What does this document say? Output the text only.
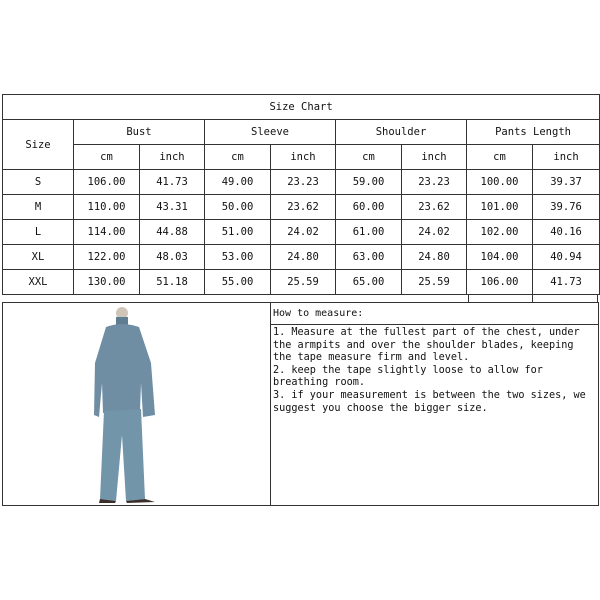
Size Chart								
Size	Bust		Sleeve		Shoulder		Pants Length	
	cm	inch	cm	inch	cm	inch	cm	inch
S	106.00	41.73	49.00	23.23	59.00	23.23	100.00	39.37
M	110.00	43.31	50.00	23.62	60.00	23.62	101.00	39.76
L	114.00	44.88	51.00	24.02	61.00	24.02	102.00	40.16
XL	122.00	48.03	53.00	24.80	63.00	24.80	104.00	40.94
XXL	130.00	51.18	55.00	25.59	65.00	25.59	106.00	41.73
How to measure:

1. Measure at the fullest part of the chest, under the armpits and over the shoulder blades, keeping the tape measure firm and level.

2. keep the tape slightly loose to allow for breathing room.

3. if your measurement is between the two sizes, we suggest you choose the bigger size.
